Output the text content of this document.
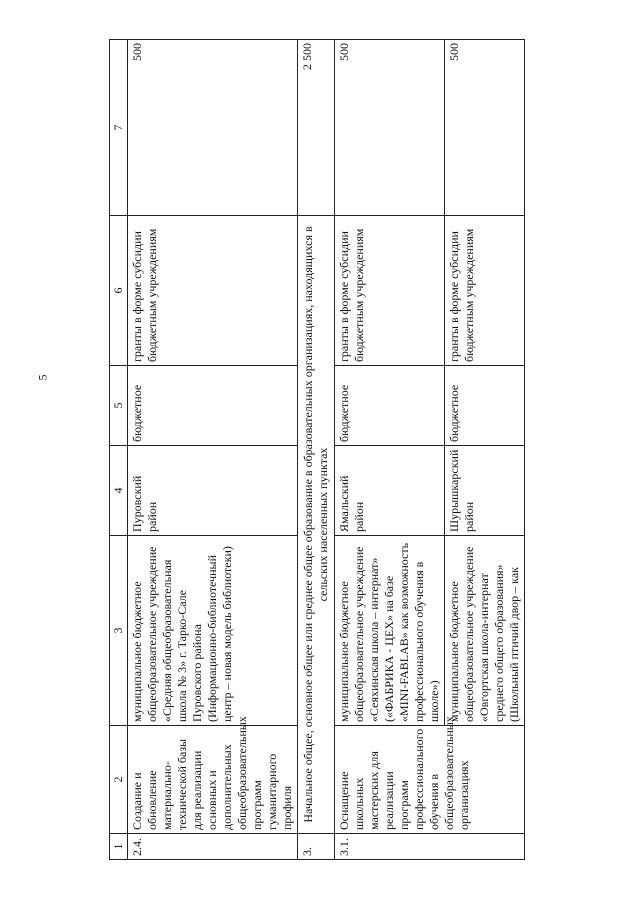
5
1	2	3	4	5	6	7
2.4.	Создание и обновление материально-технической базы для реализации основных и дополнительных общеобразовательных программ гуманитарного профиля	муниципальное бюджетное общеобразовательное учреждение «Средняя общеобразовательная школа № 3» г. Тарко-Сале Пуровского района (Информационно-библиотечный центр – новая модель библиотеки)	Пуровский район	бюджетное	гранты в форме субсидии бюджетным учреждениям	500
3.	Начальное общее, основное общее или среднее общее образование в образовательных организациях, находящихся в сельских населенных пунктах					2 500
3.1.	Оснащение школьных мастерских для реализации программ профессионального обучения в общеобразовательных организациях	муниципальное бюджетное общеобразовательное учреждение «Сеяхинская школа – интернат» («ФАБРИКА - ЦЕХ» на базе «MINI-FABLAB» как возможность профессионального обучения в школе»)	Ямальский район	бюджетное	гранты в форме субсидии бюджетным учреждениям	500
		муниципальное бюджетное общеобразовательное учреждение «Овгортская школа-интернат среднего общего образования» (Школьный птичий двор – как	Шурышкарский район	бюджетное	гранты в форме субсидии бюджетным учреждениям	500
